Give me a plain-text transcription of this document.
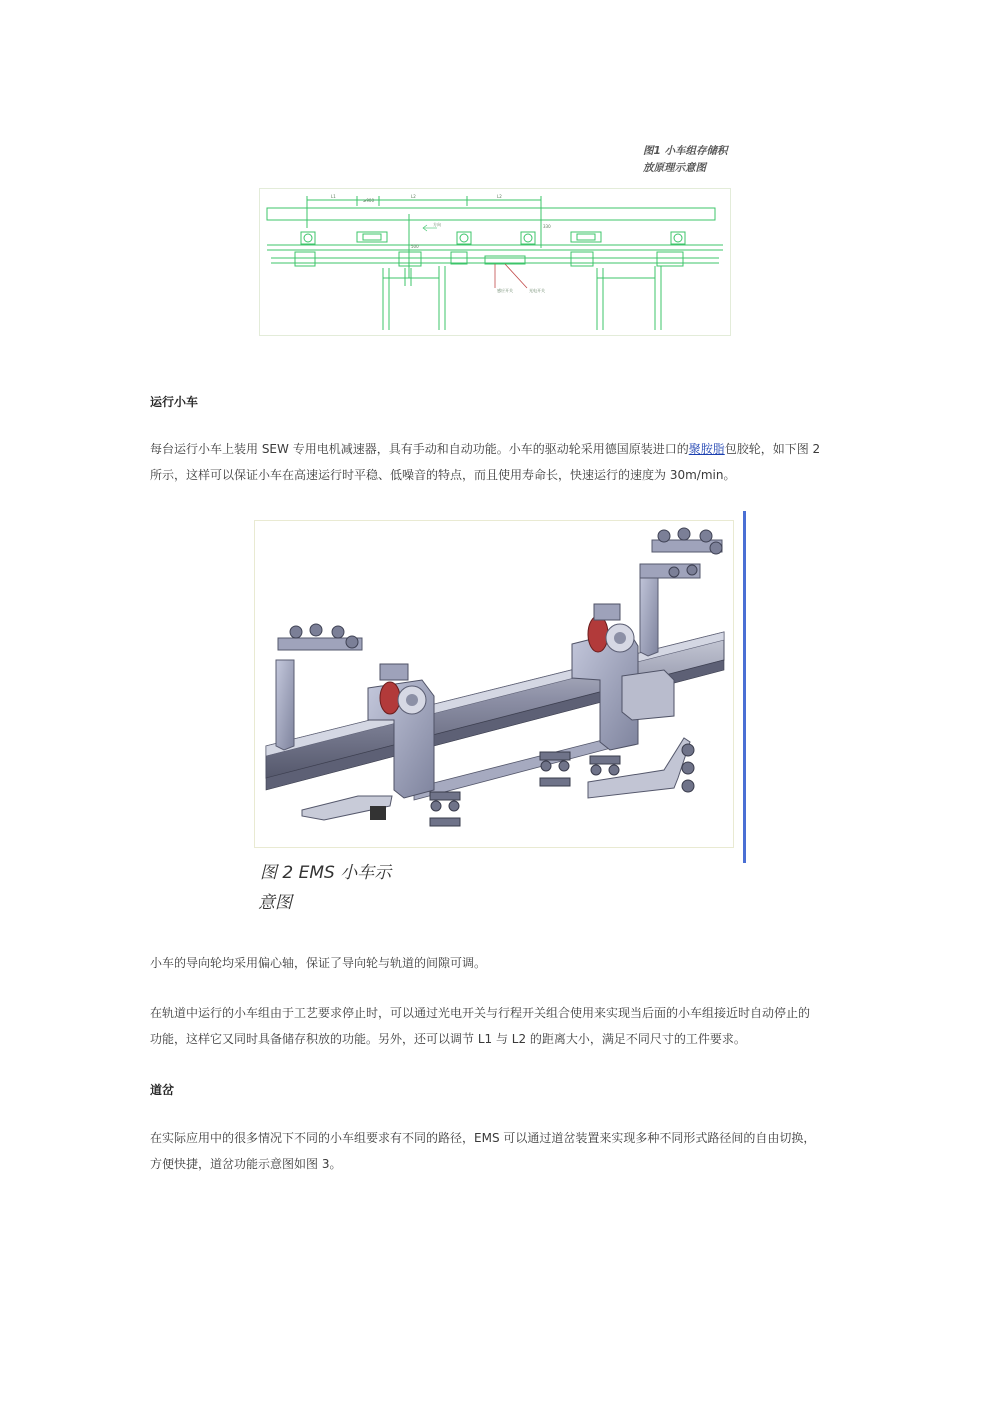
图1 小车组存储积
放原理示意图
L1
≥900
L2	L2
方向	330
500
感应开关	光电开关
运行小车
每台运行小车上装用 SEW 专用电机减速器，具有手动和自动功能。小车的驱动轮采用德国原装进口的聚胺脂包胶轮，如下图 2
所示，这样可以保证小车在高速运行时平稳、低噪音的特点，而且使用寿命长，快速运行的速度为 30m/min。
图 2 EMS 小车示
意图
小车的导向轮均采用偏心轴，保证了导向轮与轨道的间隙可调。
在轨道中运行的小车组由于工艺要求停止时，可以通过光电开关与行程开关组合使用来实现当后面的小车组接近时自动停止的
功能，这样它又同时具备储存积放的功能。另外，还可以调节 L1 与 L2 的距离大小，满足不同尺寸的工件要求。
道岔
在实际应用中的很多情况下不同的小车组要求有不同的路径，EMS 可以通过道岔装置来实现多种不同形式路径间的自由切换，
方便快捷，道岔功能示意图如图 3。
